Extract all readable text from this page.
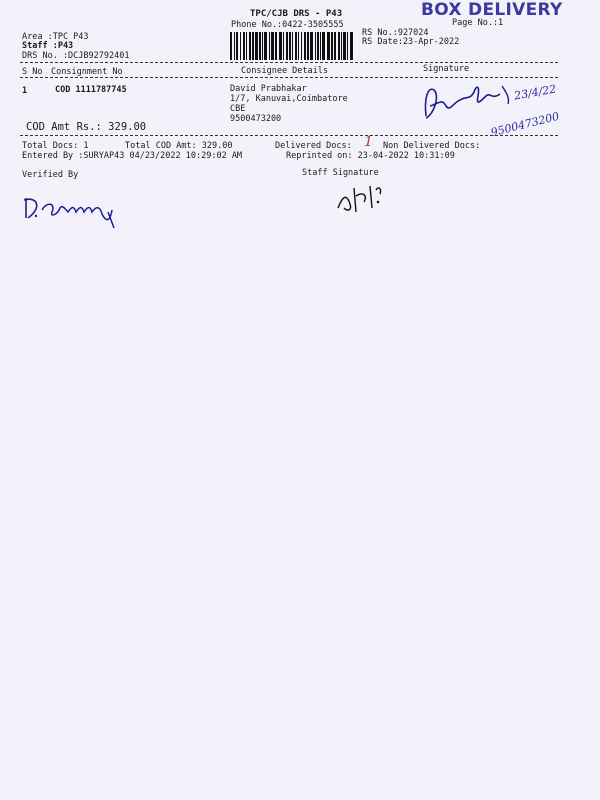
TPC/CJB DRS - P43
Phone No.:0422-3505555
BOX DELIVERY
Page No.:1
Area :TPC P43
Staff :P43
DRS No. :DCJB92792401
RS No.:927024
RS Date:23-Apr-2022
S No Consignment No	Consignee Details	Signature
1	COD 1111787745	David Prabhakar
1/7, Kanuvai,Coimbatore
CBE
9500473200
23/4/22
9500473200
COD Amt Rs.: 329.00
Total Docs: 1	Total COD Amt: 329.00	Delivered Docs: 1 Non Delivered Docs:
Entered By :SURYAP43 04/23/2022 10:29:02 AM	Reprinted on: 23-04-2022 10:31:09
Verified By	Staff Signature
